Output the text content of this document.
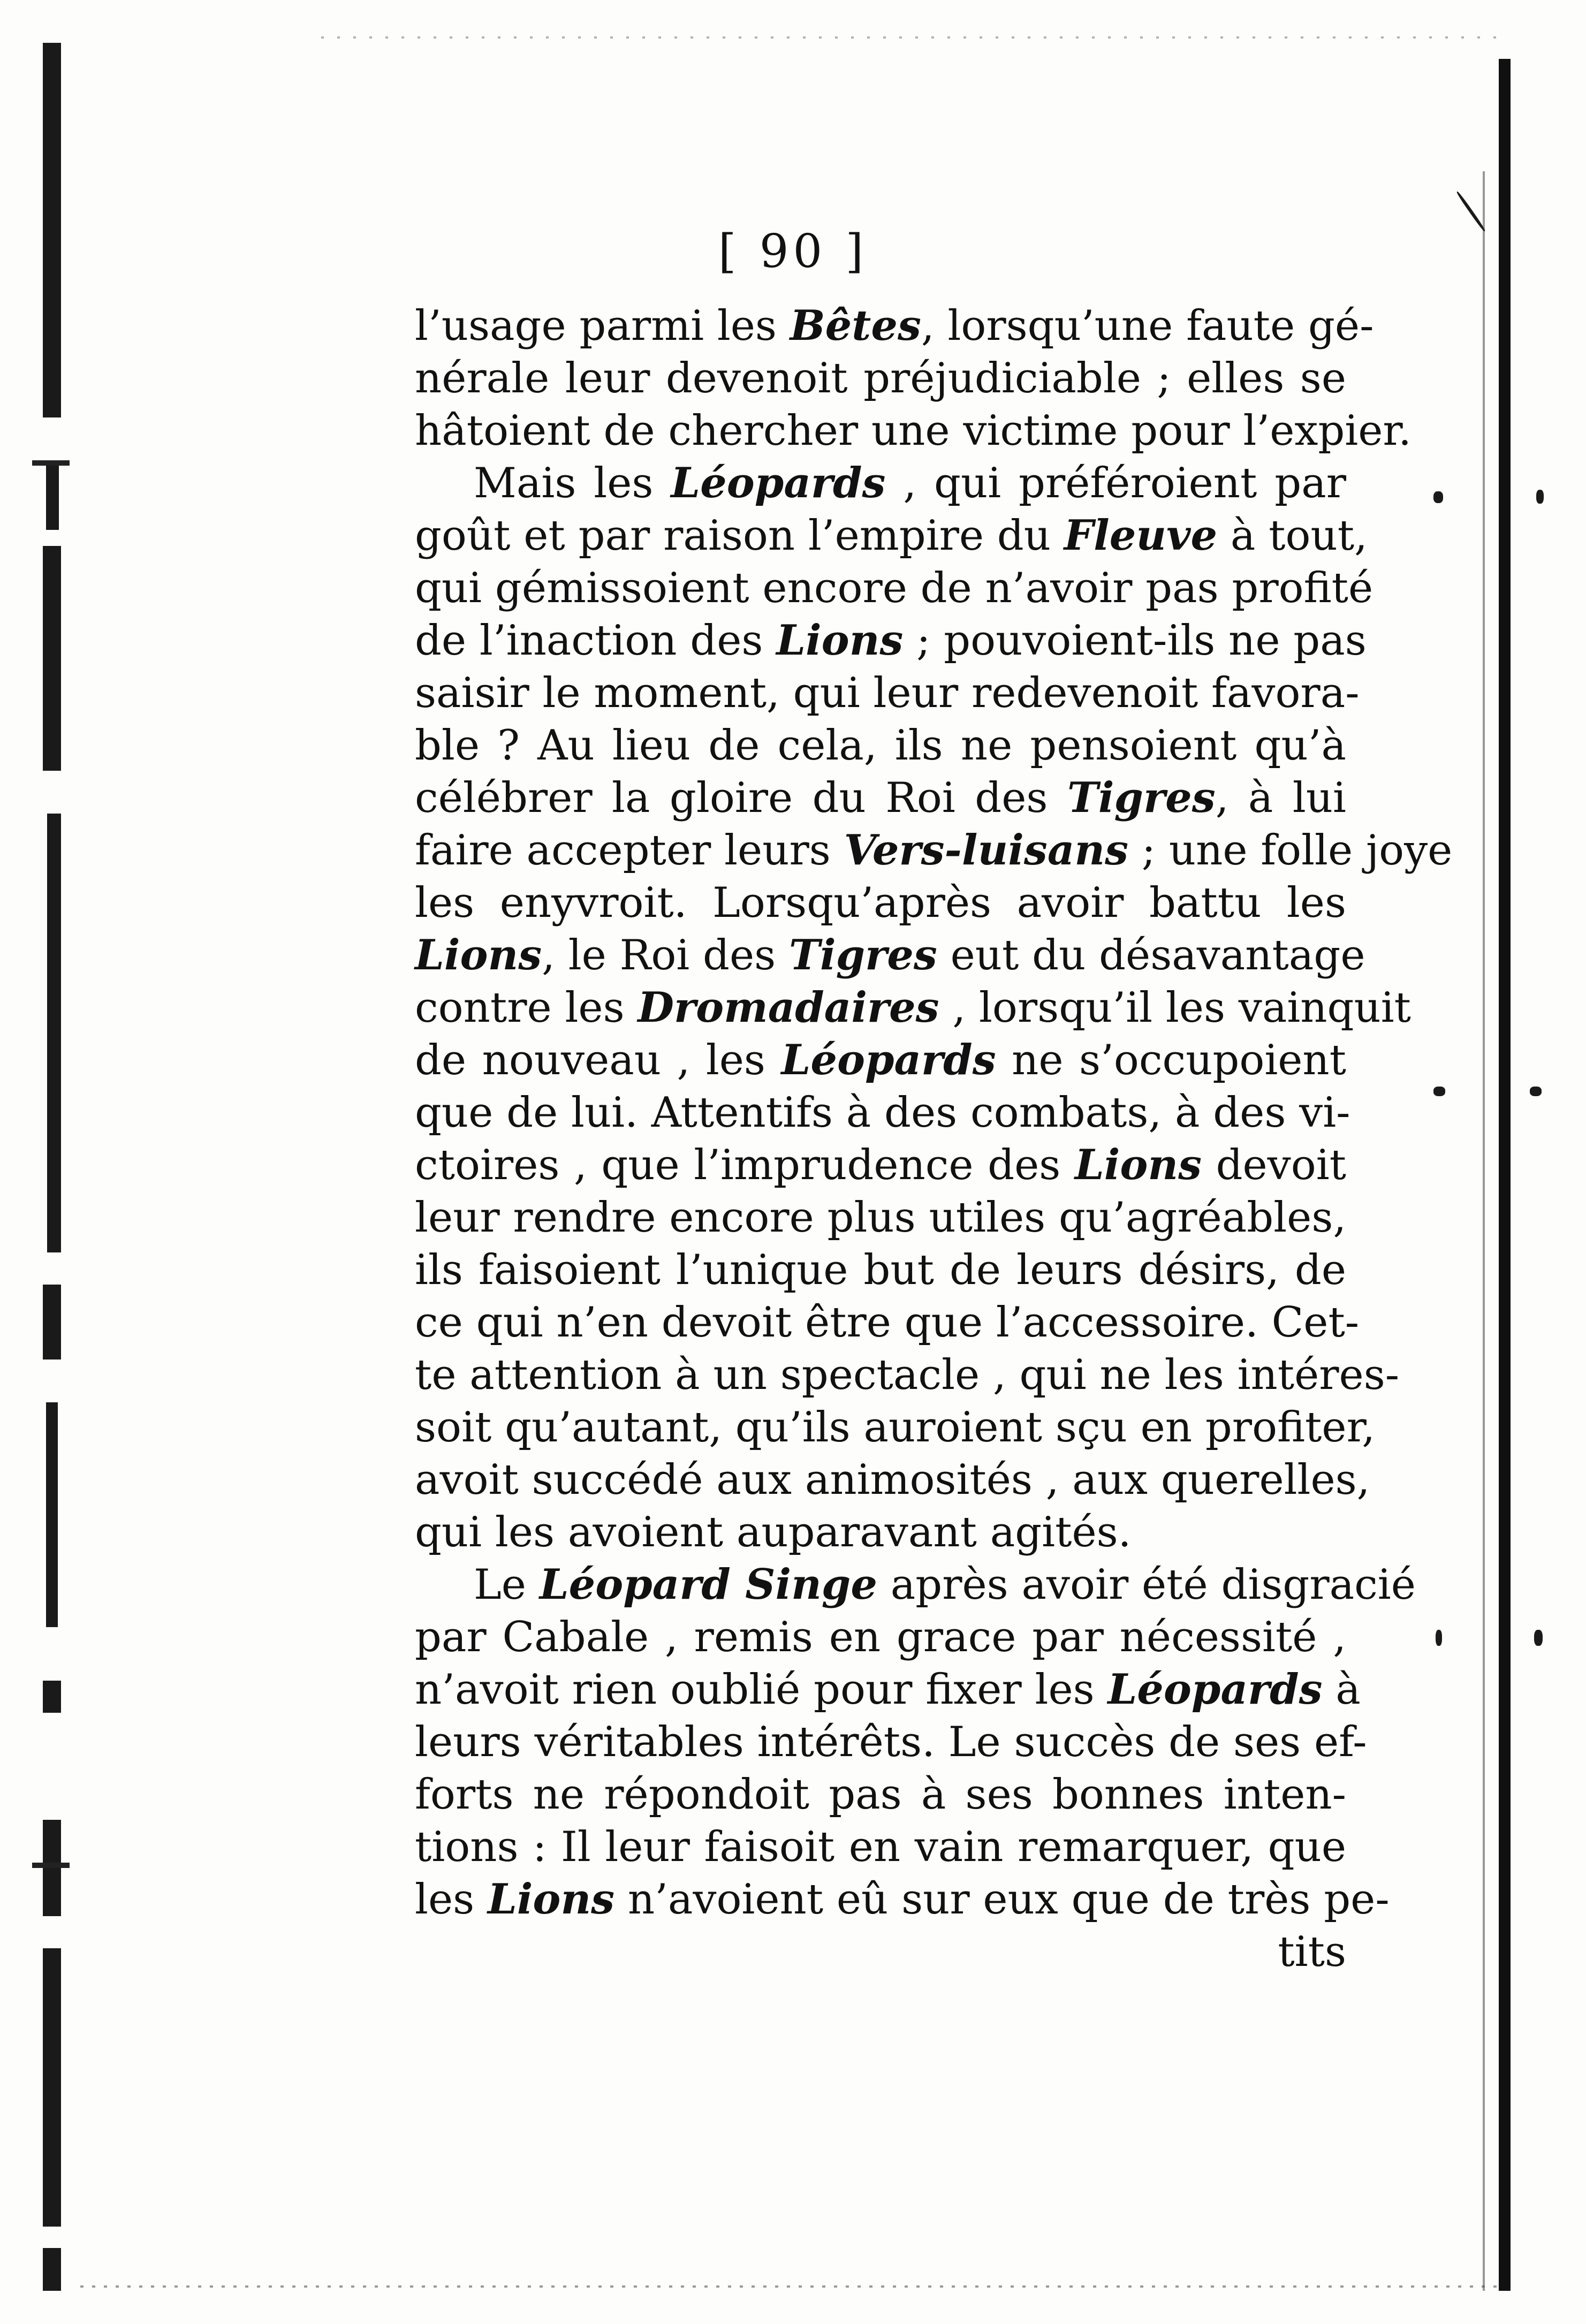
[ 90 ]
l’usage parmi les Bêtes, lorsqu’une faute gé-
nérale leur devenoit préjudiciable ; elles se
hâtoient de chercher une victime pour l’expier.
Mais les Léopards , qui préféroient par
goût et par raison l’empire du Fleuve à tout,
qui gémissoient encore de n’avoir pas profité
de l’inaction des Lions ; pouvoient-ils ne pas
saisir le moment, qui leur redevenoit favora-
ble ? Au lieu de cela, ils ne pensoient qu’à
célébrer la gloire du Roi des Tigres, à lui
faire accepter leurs Vers-luisans ; une folle joye
les enyvroit. Lorsqu’après avoir battu les
Lions, le Roi des Tigres eut du désavantage
contre les Dromadaires , lorsqu’il les vainquit
de nouveau , les Léopards ne s’occupoient
que de lui. Attentifs à des combats, à des vi-
ctoires , que l’imprudence des Lions devoit
leur rendre encore plus utiles qu’agréables,
ils faisoient l’unique but de leurs désirs, de
ce qui n’en devoit être que l’accessoire. Cet-
te attention à un spectacle , qui ne les intéres-
soit qu’autant, qu’ils auroient sçu en profiter,
avoit succédé aux animosités , aux querelles,
qui les avoient auparavant agités.
Le Léopard Singe après avoir été disgracié
par Cabale , remis en grace par nécessité ,
n’avoit rien oublié pour fixer les Léopards à
leurs véritables intérêts. Le succès de ses ef-
forts ne répondoit pas à ses bonnes inten-
tions : Il leur faisoit en vain remarquer, que
les Lions n’avoient eû sur eux que de très pe-
tits
